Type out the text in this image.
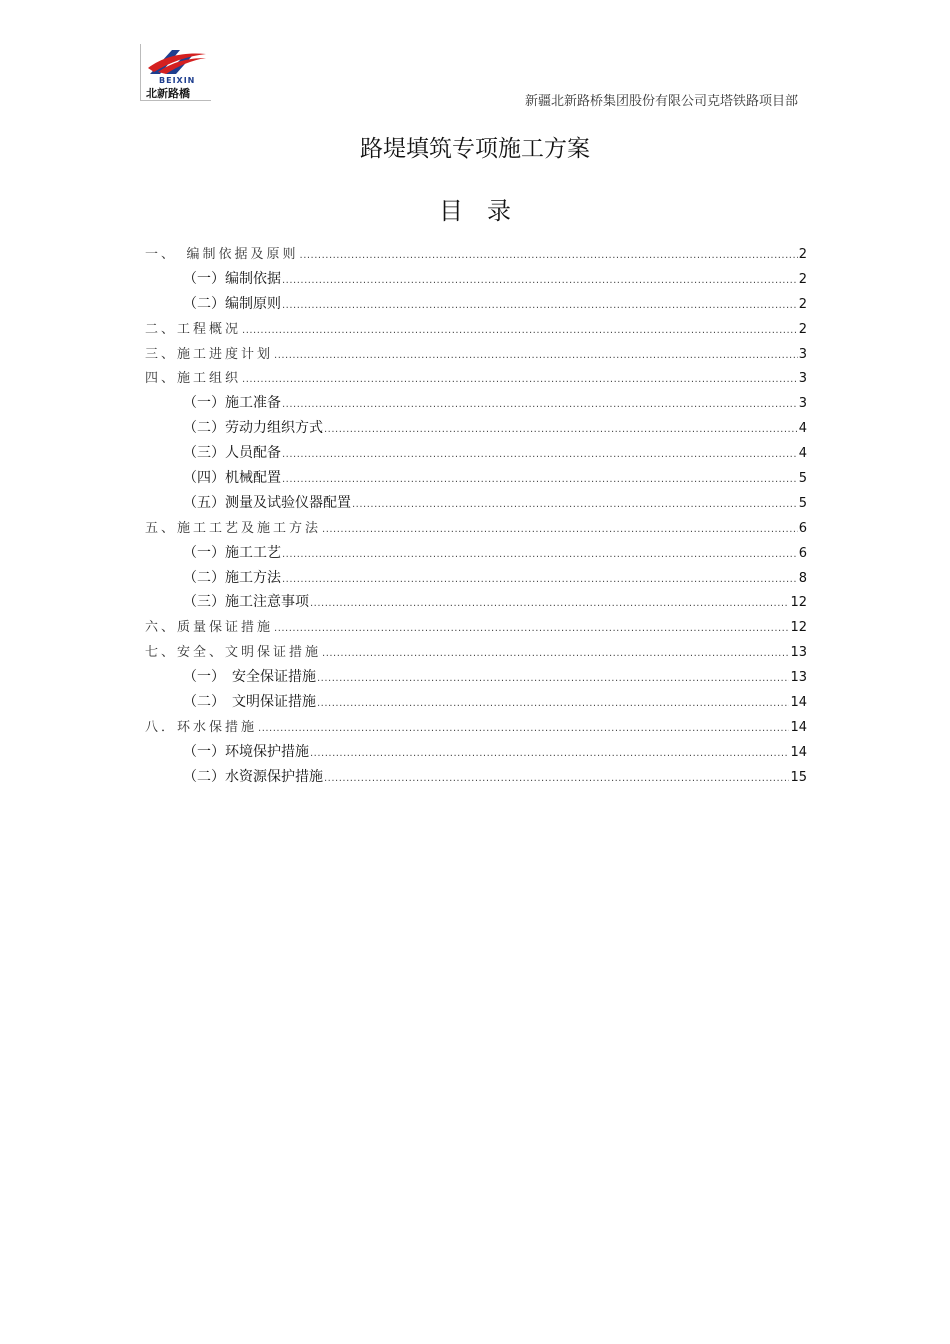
BEIXIN
北新路橋
新疆北新路桥集团股份有限公司克塔铁路项目部
路堤填筑专项施工方案
目　录
一、　编制依据及原则 .....	2
（一）编制依据 .....	2
（二）编制原则 .....	2
二、工程概况 .....	2
三、施工进度计划 .....	3
四、施工组织 .....	3
（一）施工准备 .....	3
（二）劳动力组织方式 .....	4
（三）人员配备 .....	4
（四）机械配置 .....	5
（五）测量及试验仪器配置 .....	5
五、施工工艺及施工方法 .....	6
（一）施工工艺 .....	6
（二）施工方法 .....	8
（三）施工注意事项 .....	12
六、质量保证措施 .....	12
七、安全、文明保证措施 .....	13
（一）　安全保证措施 .....	13
（二）　文明保证措施 .....	14
八．环水保措施 .....	14
（一）环境保护措施 .....	14
（二）水资源保护措施 .....	15
